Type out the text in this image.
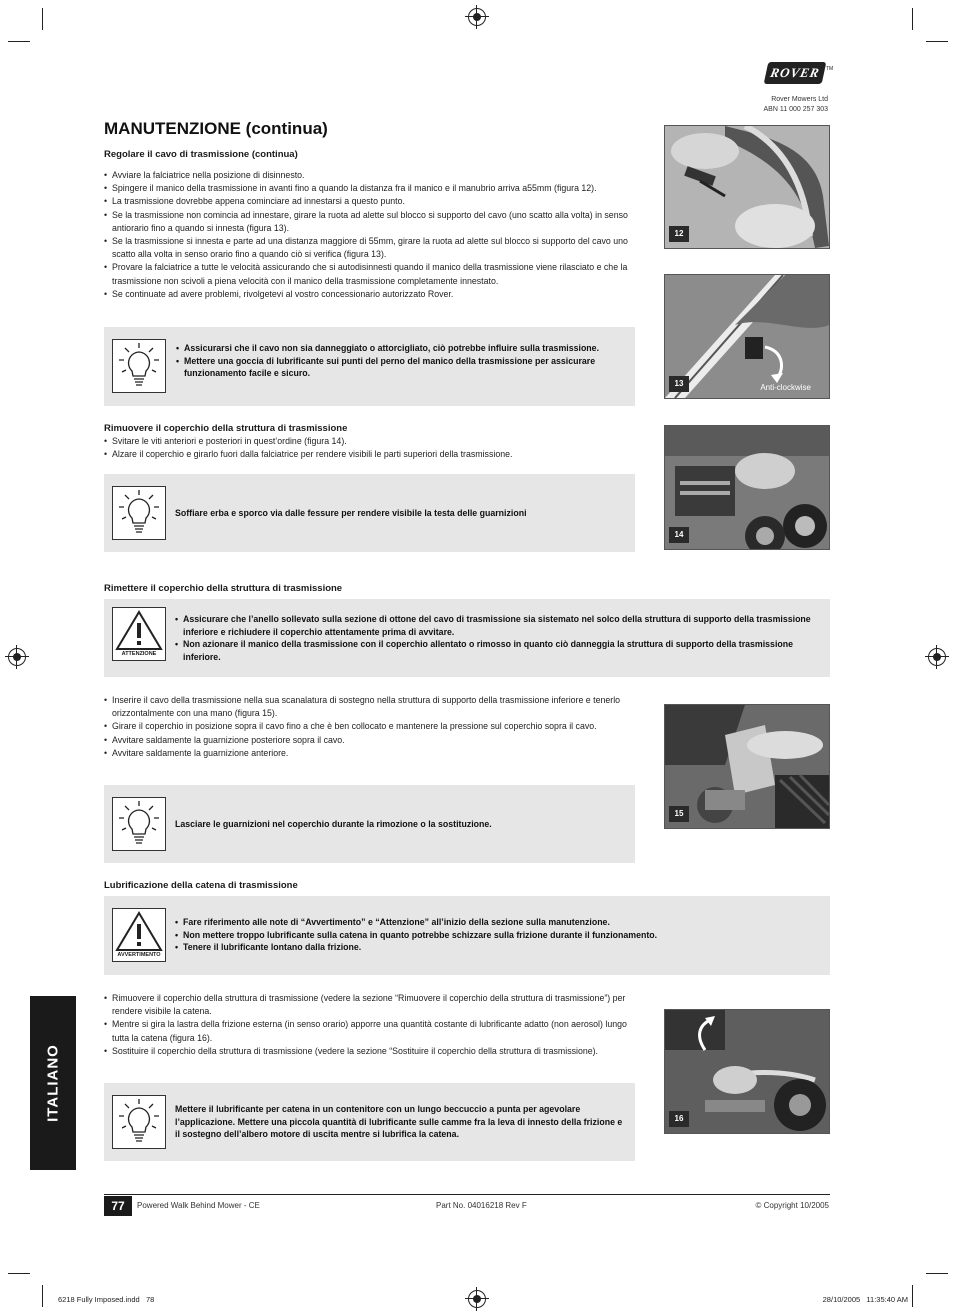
ROVER TM
Rover Mowers Ltd
ABN 11 000 257 303
MANUTENZIONE (continua)

Regolare il cavo di trasmissione (continua)

• Avviare la falciatrice nella posizione di disinnesto.
• Spingere il manico della trasmissione in avanti fino a quando la distanza fra il manico e il manubrio arriva a55mm (figura 12).
• La trasmissione dovrebbe appena cominciare ad innestarsi a questo punto.
• Se la trasmissione non comincia ad innestare, girare la ruota ad alette sul blocco si supporto del cavo (uno scatto alla volta) in senso antiorario fino a quando si innesta (figura 13).
• Se la trasmissione si innesta e parte ad una distanza maggiore di 55mm, girare la ruota ad alette sul blocco si supporto del cavo uno scatto alla volta in senso orario fino a quando ciò si verifica (figura 13).
• Provare la falciatrice a tutte le velocità assicurando che si autodisinnesti quando il manico della trasmissione viene rilasciato e che la trasmissione non scivoli a piena velocità con il manico della trasmissione completamente innestato.
• Se continuate ad avere problemi, rivolgetevi al vostro concessionario autorizzato Rover.
• Assicurarsi che il cavo non sia danneggiato o attorcigliato, ciò potrebbe influire sulla trasmissione.
• Mettere una goccia di lubrificante sui punti del perno del manico della trasmissione per assicurare funzionamento facile e sicuro.

Rimuovere il coperchio della struttura di trasmissione

• Svitare le viti anteriori e posteriori in quest’ordine (figura 14).
• Alzare il coperchio e girarlo fuori dalla falciatrice per rendere visibili le parti superiori della trasmissione.

Soffiare erba e sporco via dalle fessure per rendere visibile la testa delle guarnizioni

Rimettere il coperchio della struttura di trasmissione

ATTENZIONE
• Assicurare che l’anello sollevato sulla sezione di ottone del cavo di trasmissione sia sistemato nel solco della struttura di supporto della trasmissione inferiore e richiudere il coperchio attentamente prima di avvitare.
• Non azionare il manico della trasmissione con il coperchio allentato o rimosso in quanto ciò danneggia la struttura di supporto della trasmissione inferiore.
• Inserire il cavo della trasmissione nella sua scanalatura di sostegno nella struttura di supporto della trasmissione inferiore e tenerlo orizzontalmente con una mano (figura 15).
• Girare il coperchio in posizione sopra il cavo fino a che è ben collocato e mantenere la pressione sul coperchio sopra il cavo.
• Avvitare saldamente la guarnizione posteriore sopra il cavo.
• Avvitare saldamente la guarnizione anteriore.

Lasciare le guarnizioni nel coperchio durante la rimozione o la sostituzione.

Lubrificazione della catena di trasmissione

AVVERTIMENTO
• Fare riferimento alle note di “Avvertimento” e “Attenzione” all’inizio della sezione sulla manutenzione.
• Non mettere troppo lubrificante sulla catena in quanto potrebbe schizzare sulla frizione durante il funzionamento.
• Tenere il lubrificante lontano dalla frizione.
• Rimuovere il coperchio della struttura di trasmissione (vedere la sezione “Rimuovere il coperchio della struttura di trasmissione”) per rendere visibile la catena.
• Mentre si gira la lastra della frizione esterna (in senso orario) apporre una quantità costante di lubrificante adatto (non aerosol) lungo tutta la catena (figura 16).
• Sostituire il coperchio della struttura di trasmissione (vedere la sezione “Sostituire il coperchio della struttura di trasmissione).

Mettere il lubrificante per catena in un contenitore con un lungo beccuccio a punta per agevolare l’applicazione. Mettere una piccola quantità di lubrificante sulle camme fra la leva di innesto della frizione e il sostegno dell’albero motore di uscita mentre si lubrifica la catena.

12
13	Anti-clockwise
14
15
16
ITALIANO
77	Powered Walk Behind Mower - CE	Part No. 04016218 Rev F	© Copyright 10/2005
6218 Fully Imposed.indd   78	28/10/2005   11:35:40 AM
